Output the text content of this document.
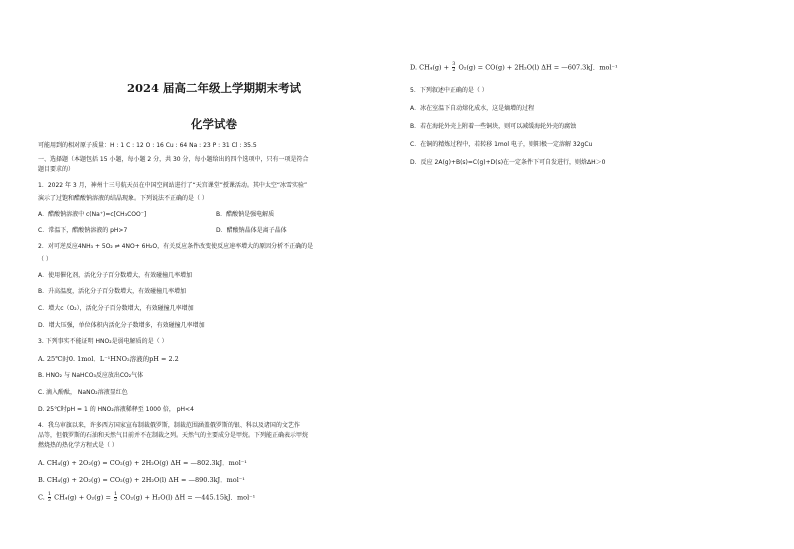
D. $CH_4(g) + \frac{3}{2} O_2(g) = CO(g) + 2H_2O(l) \Delta H$ = —607.3kJ．mol⁻¹
5．下列叙述中正确的是（ ）
A．冰在室温下自动熔化成水，这是熵增的过程
B．若在海轮外壳上附着一些铜块，则可以减缓海轮外壳的腐蚀
C．在铜的精炼过程中，若转移 1mol 电子，则阳极一定溶解 32gCu
D．反应 2A(g)+B(s)=C(g)+D(s)在一定条件下可自发进行，则焓ΔH＞0
2024 届高二年级上学期期末考试
化学试卷
可能用到的相对原子质量：H : 1 C : 12 O : 16 Cu : 64 Na : 23 P : 31 Cl : 35.5
一、选择题（本题包括 15 小题，每小题 2 分，共 30 分，每小题给出的四个选项中，只有一项是符合
题目要求的）
1．2022 年 3 月，神州十三号航天员在中国空间站进行了“天宫课堂”授课活动。其中太空“冰雪实验”
演示了过饱和醋酸钠溶液的结晶现象。下列说法不正确的是（ ）
A．醋酸钠溶液中 c(Na⁺)=c[CH₃COO⁻]	B．醋酸钠是强电解质
C．常温下，醋酸钠溶液的 pH>7	D．醋酸钠晶体是离子晶体
2．对可逆反应4NH₃ + 5O₂ ⇌ 4NO+ 6H₂O，有关反应条件改变使反应速率增大的原因分析不正确的是
（ ）
A．使用催化剂，活化分子百分数增大，有效碰撞几率增加
B．升高温度，活化分子百分数增大，有效碰撞几率增加
C．增大c（O₂），活化分子百分数增大，有效碰撞几率增加
D．增大压强，单位体积内活化分子数增多，有效碰撞几率增加
3. 下列事实不能证明 HNO₂是弱电解质的是（ ）
A. 25℃时0. 1mol．L⁻¹HNO₂溶液的pH = 2.2
B. HNO₂ 与 NaHCO₃反应放出CO₂气体
C. 滴入酚酞， NaNO₂溶液显红色
D. 25℃时pH = 1 的 HNO₂溶液稀释至 1000 倍， pH<4
4．我乌审旗以来，许多西方国家宣布制裁俄罗斯，制裁范围涵盖俄罗斯的银、科以及诸国的文艺作
品等，但俄罗斯的石油和天然气目前并不在制裁之列。天然气的主要成分是甲烷。下列能正确表示甲烷
燃烧热的热化学方程式是（ ）
A. CH₄(g) + 2O₂(g) = CO₂(g) + 2H₂O(g) ΔH = —802.3kJ．mol⁻¹
B. CH₄(g) + 2O₂(g) = CO₂(g) + 2H₂O(l) ΔH = —890.3kJ．mol⁻¹
C. $\frac{1}{2} CH_4(g) + O_2(g) = \frac{1}{2} CO_2(g) + H_2O(l) \Delta H$ = —445.15kJ．mol⁻¹
